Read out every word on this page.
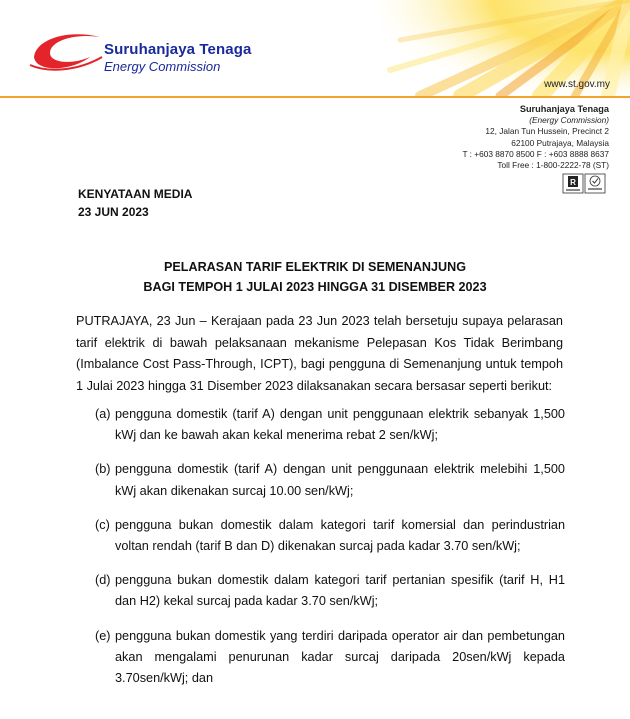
Suruhanjaya Tenaga

Energy Commission

www.st.gov.my
Suruhanjaya Tenaga
(Energy Commission)
12, Jalan Tun Hussein, Precinct 2
62100 Putrajaya, Malaysia
T : +603 8870 8500 F : +603 8888 8637
Toll Free : 1-800-2222-78 (ST)
R
KENYATAAN MEDIA
23 JUN 2023
PELARASAN TARIF ELEKTRIK DI SEMENANJUNG
BAGI TEMPOH 1 JULAI 2023 HINGGA 31 DISEMBER 2023

PUTRAJAYA, 23 Jun – Kerajaan pada 23 Jun 2023 telah bersetuju supaya pelarasan tarif elektrik di bawah pelaksanaan mekanisme Pelepasan Kos Tidak Berimbang (Imbalance Cost Pass-Through, ICPT), bagi pengguna di Semenanjung untuk tempoh 1 Julai 2023 hingga 31 Disember 2023 dilaksanakan secara bersasar seperti berikut:

(a) pengguna domestik (tarif A) dengan unit penggunaan elektrik sebanyak 1,500 kWj dan ke bawah akan kekal menerima rebat 2 sen/kWj;
(b) pengguna domestik (tarif A) dengan unit penggunaan elektrik melebihi 1,500 kWj akan dikenakan surcaj 10.00 sen/kWj;
(c) pengguna bukan domestik dalam kategori tarif komersial dan perindustrian voltan rendah (tarif B dan D) dikenakan surcaj pada kadar 3.70 sen/kWj;
(d) pengguna bukan domestik dalam kategori tarif pertanian spesifik (tarif H, H1 dan H2) kekal surcaj pada kadar 3.70 sen/kWj;
(e) pengguna bukan domestik yang terdiri daripada operator air dan pembetungan akan mengalami penurunan kadar surcaj daripada 20sen/kWj kepada 3.70sen/kWj; dan
